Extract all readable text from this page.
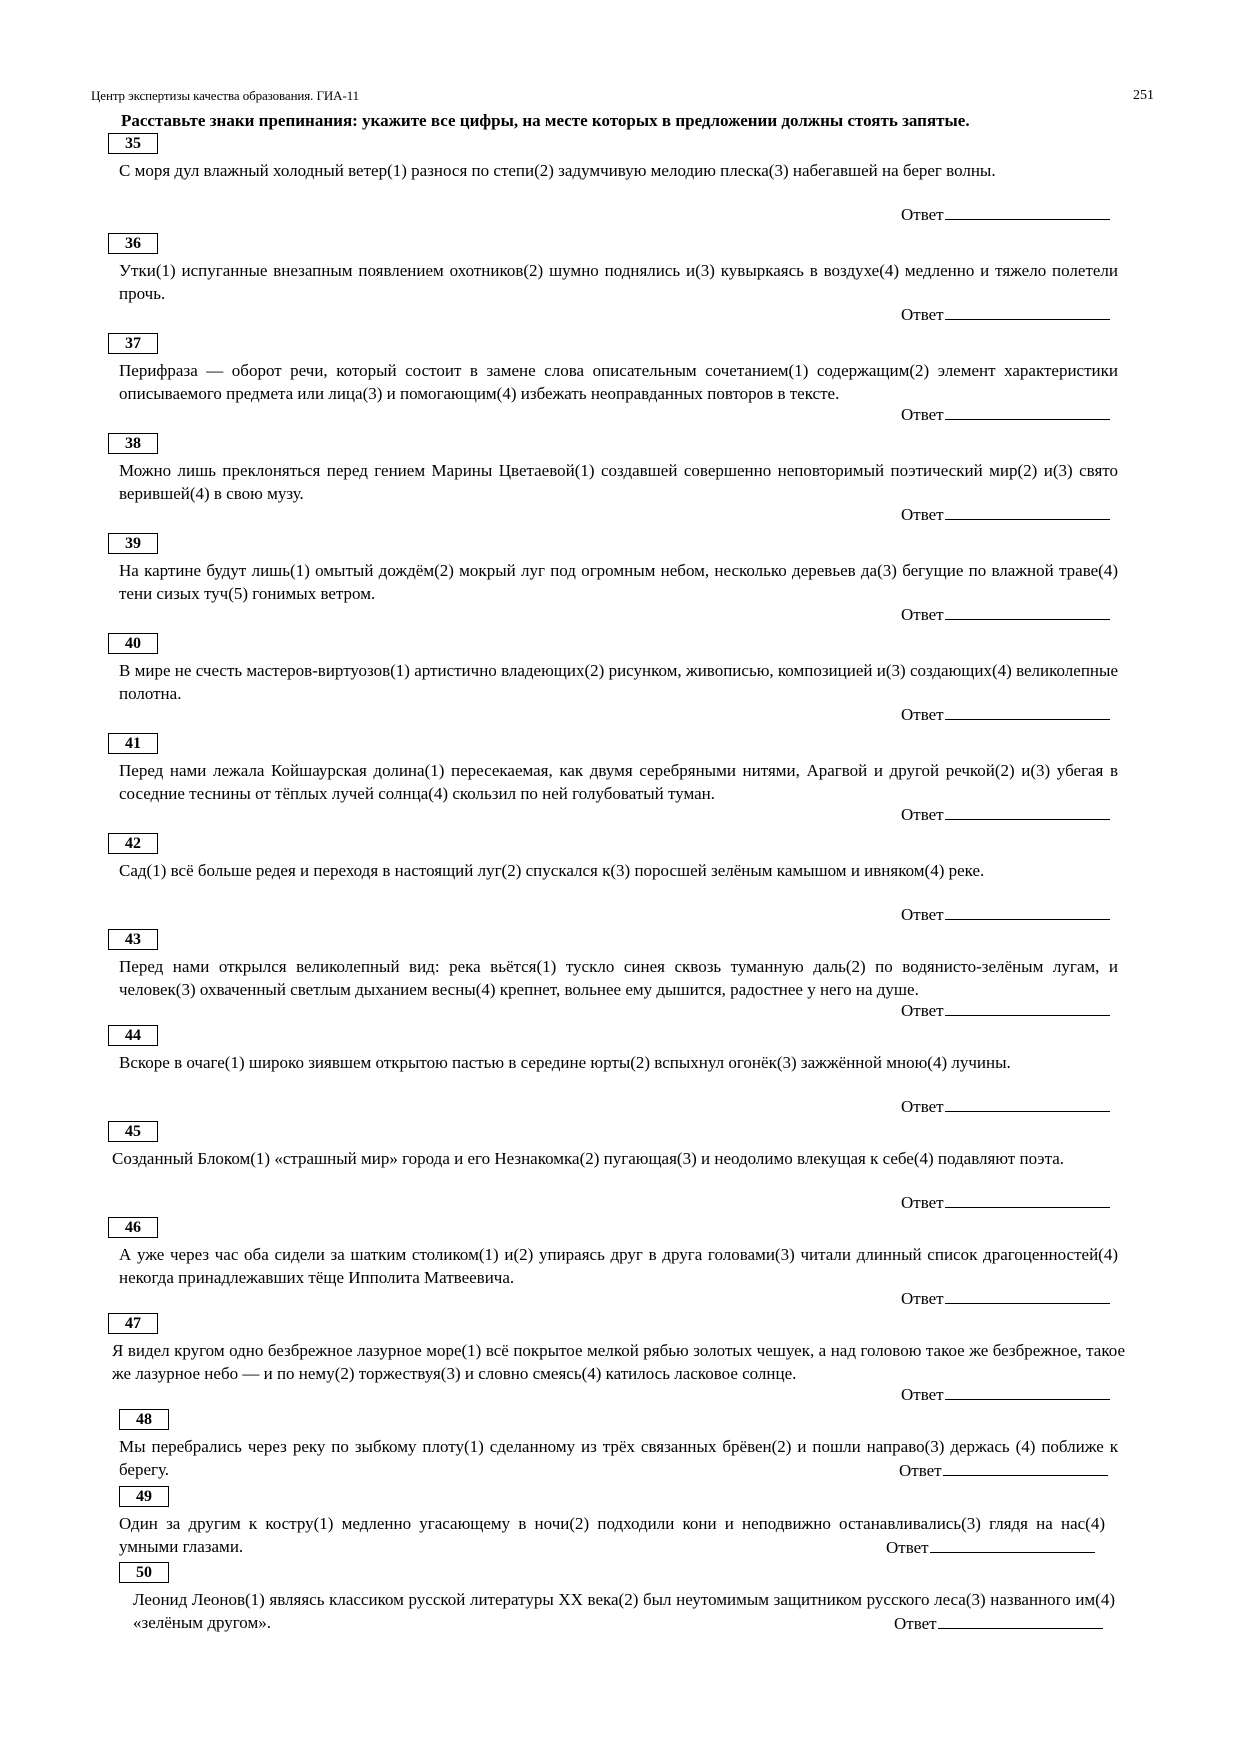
Центр экспертизы качества образования. ГИА-11	251
Расставьте знаки препинания: укажите все цифры, на месте которых в предложении должны стоять запятые.
35
С моря дул влажный холодный ветер(1) разнося по степи(2) задумчивую мелодию плеска(3) набегавшей на берег волны.
Ответ
36
Утки(1) испуганные внезапным появлением охотников(2) шумно поднялись и(3) кувыркаясь в воздухе(4) медленно и тяжело полетели прочь.
Ответ
37
Перифраза — оборот речи, который состоит в замене слова описательным сочетанием(1) содержащим(2) элемент характеристики описываемого предмета или лица(3) и помогающим(4) избежать неоправданных повторов в тексте.
Ответ
38
Можно лишь преклоняться перед гением Марины Цветаевой(1) создавшей совершенно неповторимый поэтический мир(2) и(3) свято верившей(4) в свою музу.
Ответ
39
На картине будут лишь(1) омытый дождём(2) мокрый луг под огромным небом, несколько деревьев да(3) бегущие по влажной траве(4) тени сизых туч(5) гонимых ветром.
Ответ
40
В мире не счесть мастеров-виртуозов(1) артистично владеющих(2) рисунком, живописью, композицией и(3) создающих(4) великолепные полотна.
Ответ
41
Перед нами лежала Койшаурская долина(1) пересекаемая, как двумя серебряными нитями, Арагвой и другой речкой(2) и(3) убегая в соседние теснины от тёплых лучей солнца(4) скользил по ней голубоватый туман.
Ответ
42
Сад(1) всё больше редея и переходя в настоящий луг(2) спускался к(3) поросшей зелёным камышом и ивняком(4) реке.
Ответ
43
Перед нами открылся великолепный вид: река вьётся(1) тускло синея сквозь туманную даль(2) по водянисто-зелёным лугам, и человек(3) охваченный светлым дыханием весны(4) крепнет, вольнее ему дышится, радостнее у него на душе.
Ответ
44
Вскоре в очаге(1) широко зиявшем открытою пастью в середине юрты(2) вспыхнул огонёк(3) зажжённой мною(4) лучины.
Ответ
45
Созданный Блоком(1) «страшный мир» города и его Незнакомка(2) пугающая(3) и неодолимо влекущая к себе(4) подавляют поэта.
Ответ
46
А уже через час оба сидели за шатким столиком(1) и(2) упираясь друг в друга головами(3) читали длинный список драгоценностей(4) некогда принадлежавших тёще Ипполита Матвеевича.
Ответ
47
Я видел кругом одно безбрежное лазурное море(1) всё покрытое мелкой рябью золотых чешуек, а над головою такое же безбрежное, такое же лазурное небо — и по нему(2) торжествуя(3) и словно смеясь(4) катилось ласковое солнце.
Ответ
48
Мы перебрались через реку по зыбкому плоту(1) сделанному из трёх связанных брёвен(2) и пошли направо(3) держась (4) поближе к берегу.	Ответ
49
Один за другим к костру(1) медленно угасающему в ночи(2) подходили кони и неподвижно останавливались(3) глядя на нас(4) умными глазами.	Ответ
50
Леонид Леонов(1) являясь классиком русской литературы XX века(2) был неутомимым защитником русского леса(3) названного им(4) «зелёным другом».	Ответ
